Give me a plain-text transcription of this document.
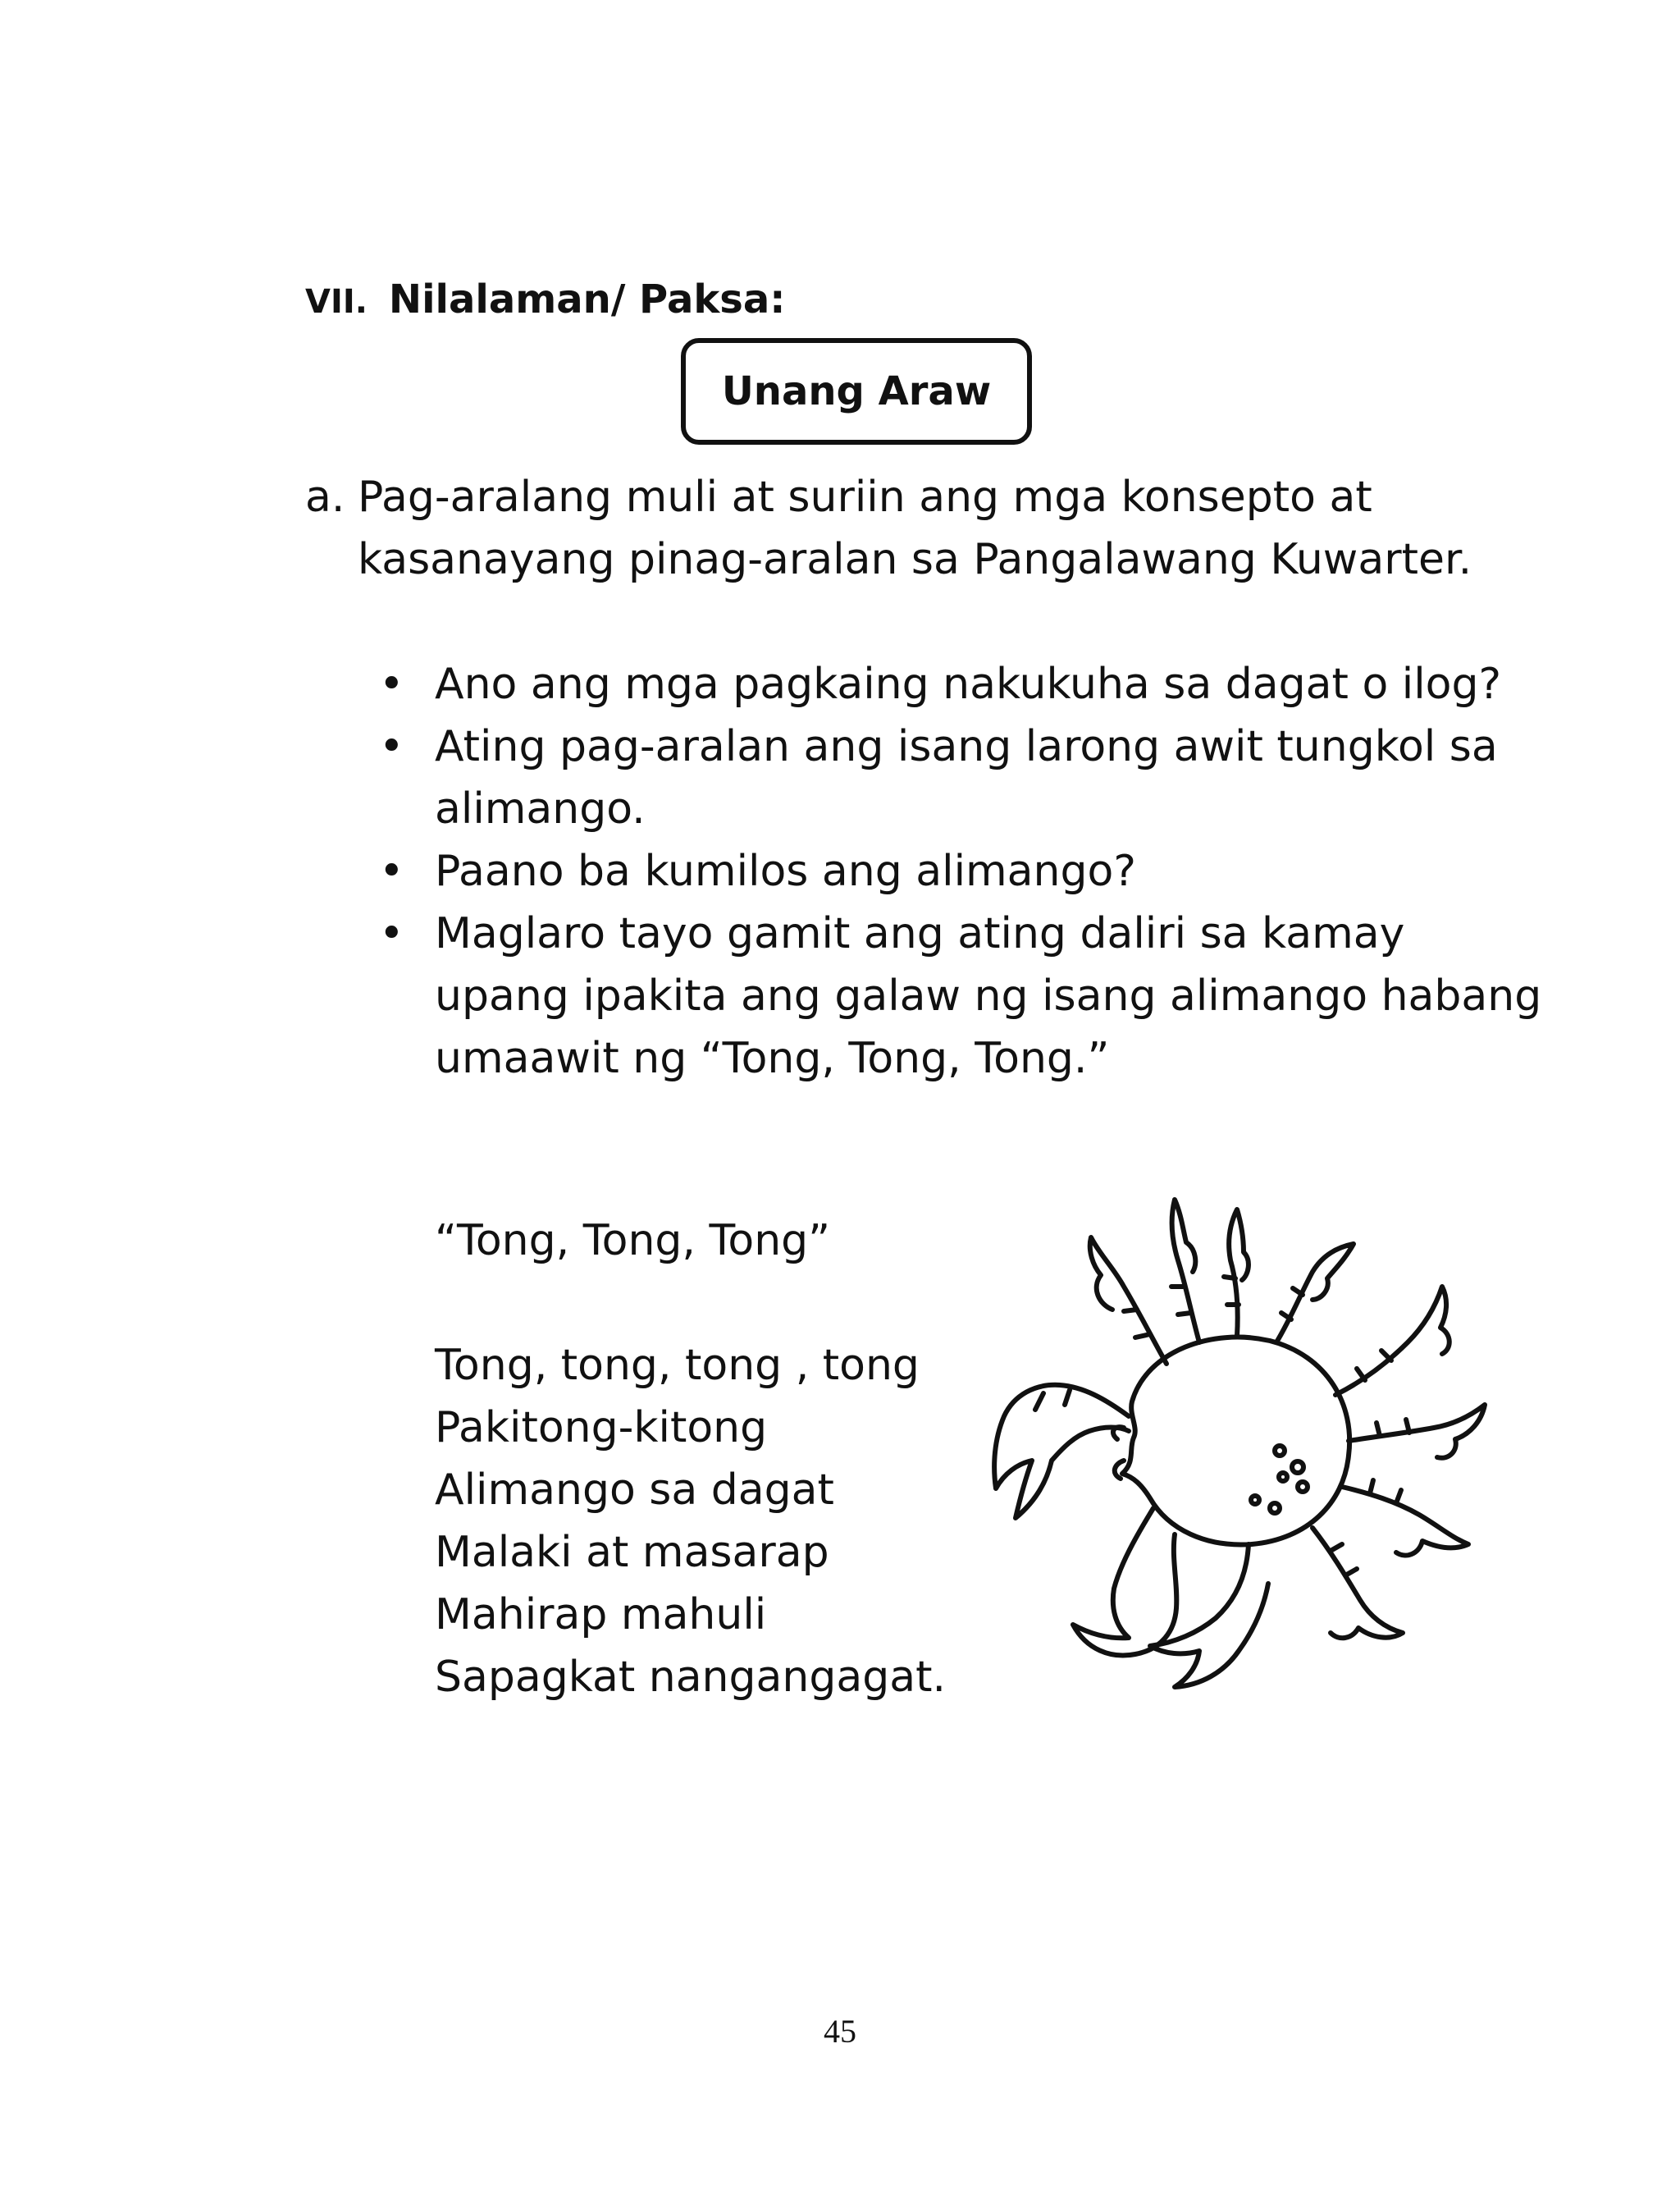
VII. Nilalaman/ Paksa:
Unang Araw
a. Pag-aralang muli at suriin ang mga konsepto at kasanayang pinag-aralan sa Pangalawang Kuwarter.
• Ano ang mga pagkaing nakukuha sa dagat o ilog?
• Ating pag-aralan ang isang larong awit tungkol sa alimango.
• Paano ba kumilos ang alimango?
• Maglaro tayo gamit ang ating daliri sa kamay upang ipakita ang galaw ng isang alimango habang umaawit ng “Tong, Tong, Tong.”
“Tong, Tong, Tong”
Tong, tong, tong , tong
Pakitong-kitong
Alimango sa dagat
Malaki at masarap
Mahirap mahuli
Sapagkat nangangagat.
45
